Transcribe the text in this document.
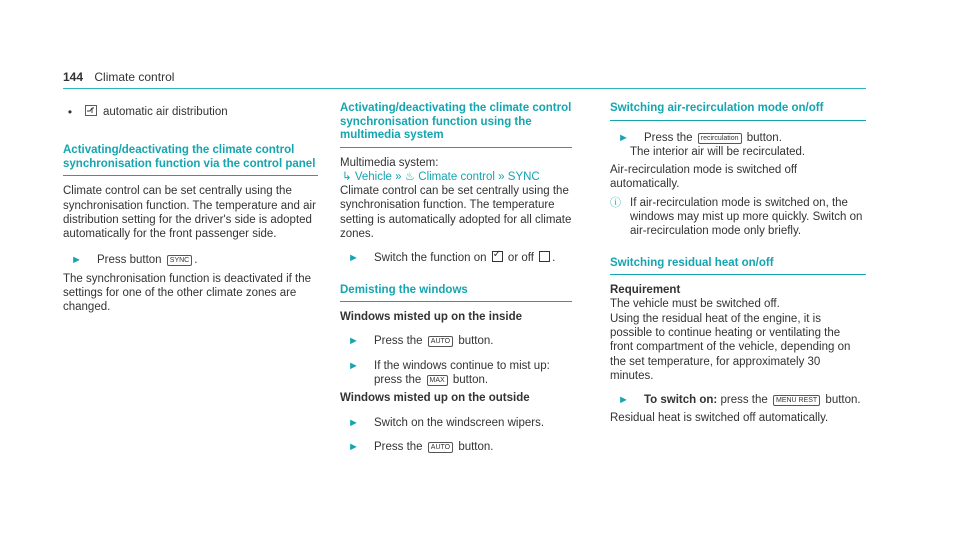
144 Climate control
•	automatic air distribution
Activating/deactivating the climate control synchronisation function via the control panel

Climate control can be set centrally using the synchronisation function. The temperature and air distribution setting for the driver's side is adopted automatically for the front passenger side.

►	Press button SYNC .

The synchronisation function is deactivated if the settings for one of the other climate zones are changed.

Activating/deactivating the climate control synchronisation function using the multimedia system

Multimedia system:

↳ Vehicle » ♨ Climate control » SYNC

Climate control can be set centrally using the synchronisation function. The temperature setting is automatically adopted for all climate zones.

►	Switch the function on ✓ or off .
Demisting the windows

Windows misted up on the inside

►	Press the AUTO button.
►	If the windows continue to mist up: press the MAX button.

Windows misted up on the outside

►	Switch on the windscreen wipers.
►	Press the AUTO button.
Switching air-recirculation mode on/off
►	Press the recirculation button.

The interior air will be recirculated.

Air-recirculation mode is switched off automatically.

ⓘ If air-recirculation mode is switched on, the windows may mist up more quickly. Switch on air-recirculation mode only briefly.
Switching residual heat on/off

Requirement

The vehicle must be switched off.

Using the residual heat of the engine, it is possible to continue heating or ventilating the front compartment of the vehicle, depending on the set temperature, for approximately 30 minutes.

►	To switch on: press the MENU REST button.

Residual heat is switched off automatically.
